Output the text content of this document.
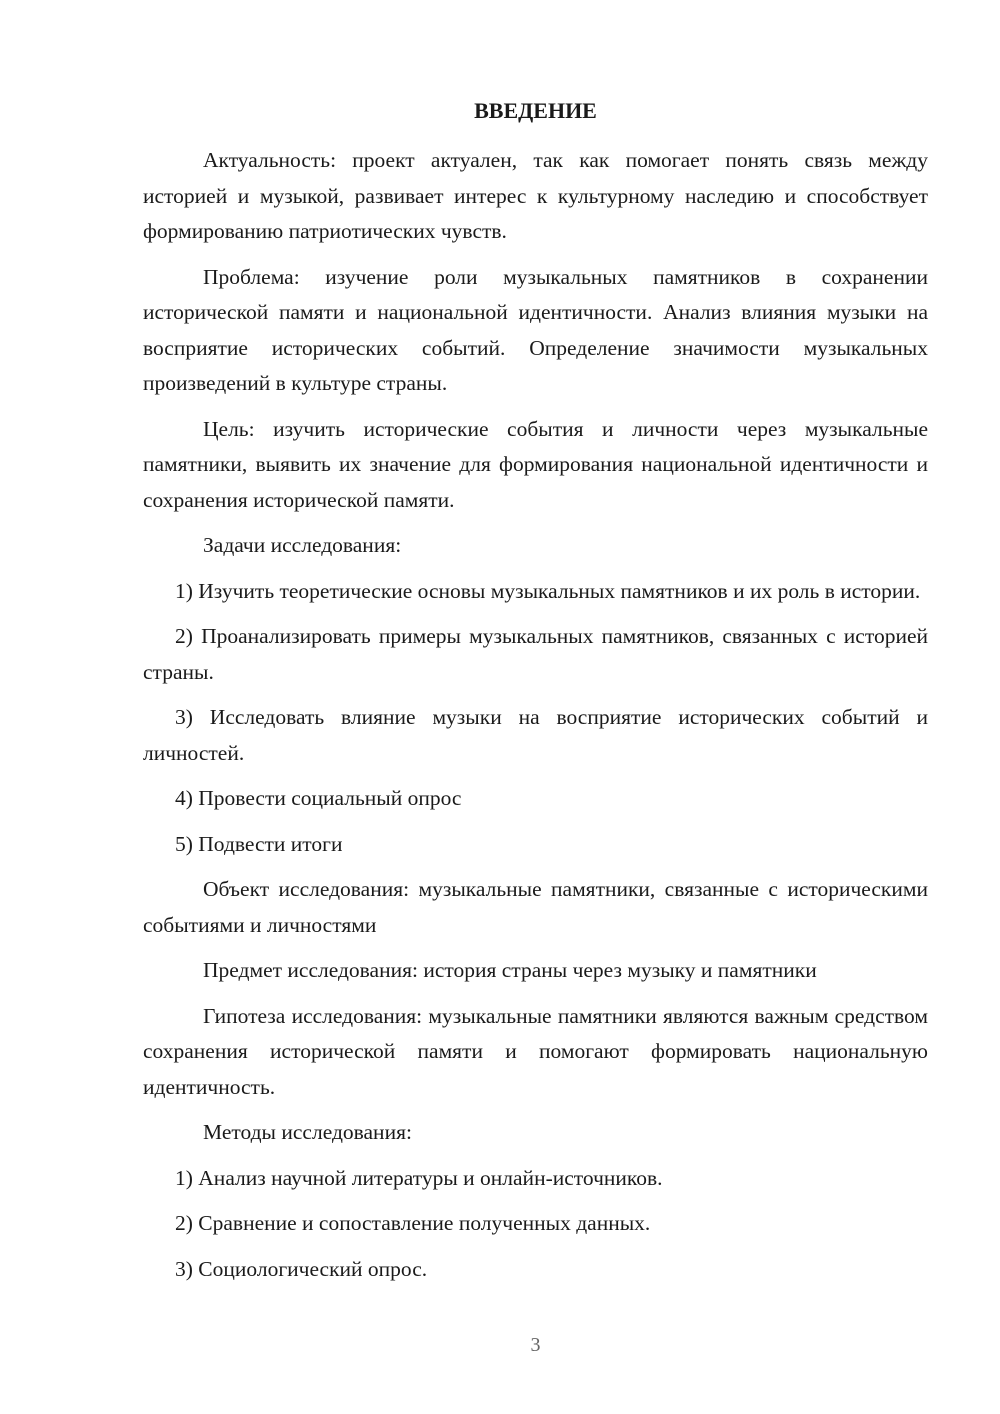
ВВЕДЕНИЕ

Актуальность: проект актуален, так как помогает понять связь между историей и музыкой, развивает интерес к культурному наследию и способствует формированию патриотических чувств.

Проблема: изучение роли музыкальных памятников в сохранении исторической памяти и национальной идентичности. Анализ влияния музыки на восприятие исторических событий. Определение значимости музыкальных произведений в культуре страны.

Цель: изучить исторические события и личности через музыкальные памятники, выявить их значение для формирования национальной идентичности и сохранения исторической памяти.

Задачи исследования:

1) Изучить теоретические основы музыкальных памятников и их роль в истории.

2) Проанализировать примеры музыкальных памятников, связанных с историей страны.

3) Исследовать влияние музыки на восприятие исторических событий и личностей.

4) Провести социальный опрос

5) Подвести итоги

Объект исследования: музыкальные памятники, связанные с историческими событиями и личностями

Предмет исследования: история страны через музыку и памятники

Гипотеза исследования: музыкальные памятники являются важным средством сохранения исторической памяти и помогают формировать национальную идентичность.

Методы исследования:

1) Анализ научной литературы и онлайн-источников.

2) Сравнение и сопоставление полученных данных.

3) Социологический опрос.

3
